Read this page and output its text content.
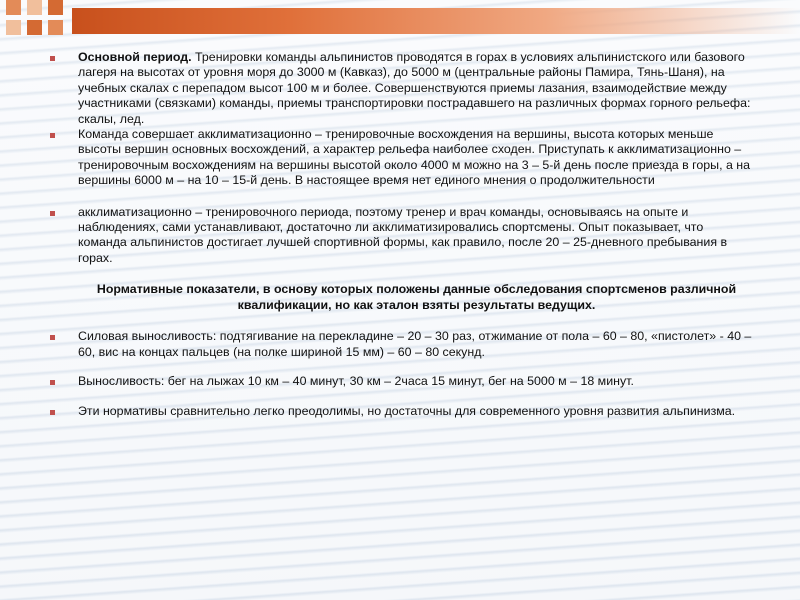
Основной период. Тренировки команды альпинистов проводятся в горах в условиях альпинистского или базового лагеря на высотах от уровня моря до 3000 м (Кавказ), до 5000 м (центральные районы Памира, Тянь-Шаня), на учебных скалах с перепадом высот 100 м и более. Совершенствуются приемы лазания, взаимодействие между участниками (связками) команды, приемы транспортировки пострадавшего на различных формах горного рельефа: скалы, лед.

Команда совершает акклиматизационно – тренировочные восхождения на вершины, высота которых меньше высоты вершин основных восхождений, а характер рельефа наиболее сходен. Приступать к акклиматизационно – тренировочным восхождениям на вершины высотой около 4000 м можно на 3 – 5-й день после приезда в горы, а на вершины 6000 м – на 10 – 15-й день. В настоящее время нет единого мнения о продолжительности

акклиматизационно – тренировочного периода, поэтому тренер и врач команды, основываясь на опыте и наблюдениях, сами устанавливают, достаточно ли акклиматизировались спортсмены. Опыт показывает, что команда альпинистов достигает лучшей спортивной формы, как правило, после 20 – 25-дневного пребывания в горах.

Нормативные показатели, в основу которых положены данные обследования спортсменов различной квалификации, но как эталон взяты результаты ведущих.

Силовая выносливость: подтягивание на перекладине – 20 – 30 раз, отжимание от пола – 60 – 80, «пистолет» - 40 – 60, вис на концах пальцев (на полке шириной 15 мм) – 60 – 80 секунд.

Выносливость: бег на лыжах 10 км – 40 минут, 30 км – 2часа 15 минут, бег на 5000 м – 18 минут.

Эти нормативы сравнительно легко преодолимы, но достаточны для современного уровня развития альпинизма.
